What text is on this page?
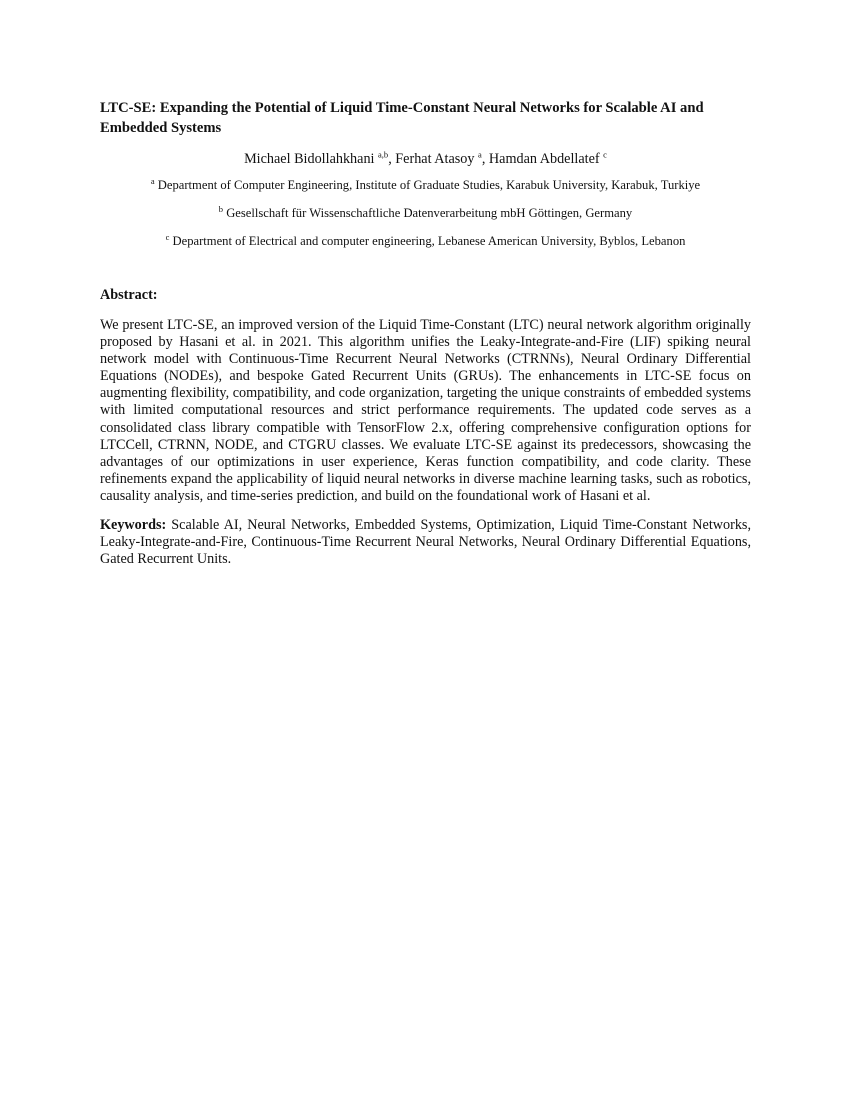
LTC-SE: Expanding the Potential of Liquid Time-Constant Neural Networks for Scalable AI and Embedded Systems
Michael Bidollahkhani $^{a,b}$, Ferhat Atasoy $^a$, Hamdan Abdellatef $^c$
$^a$ Department of Computer Engineering, Institute of Graduate Studies, Karabuk University, Karabuk, Turkiye
$^b$ Gesellschaft für Wissenschaftliche Datenverarbeitung mbH Göttingen, Germany
$^c$ Department of Electrical and computer engineering, Lebanese American University, Byblos, Lebanon
Abstract:

We present LTC-SE, an improved version of the Liquid Time-Constant (LTC) neural network algorithm originally proposed by Hasani et al. in 2021. This algorithm unifies the Leaky-Integrate-and-Fire (LIF) spiking neural network model with Continuous-Time Recurrent Neural Networks (CTRNNs), Neural Ordinary Differential Equations (NODEs), and bespoke Gated Recurrent Units (GRUs). The enhancements in LTC-SE focus on augmenting flexibility, compatibility, and code organization, targeting the unique constraints of embedded systems with limited computational resources and strict performance requirements. The updated code serves as a consolidated class library compatible with TensorFlow 2.x, offering comprehensive configuration options for LTCCell, CTRNN, NODE, and CTGRU classes. We evaluate LTC-SE against its predecessors, showcasing the advantages of our optimizations in user experience, Keras function compatibility, and code clarity. These refinements expand the applicability of liquid neural networks in diverse machine learning tasks, such as robotics, causality analysis, and time-series prediction, and build on the foundational work of Hasani et al.

Keywords: Scalable AI, Neural Networks, Embedded Systems, Optimization, Liquid Time-Constant Networks, Leaky-Integrate-and-Fire, Continuous-Time Recurrent Neural Networks, Neural Ordinary Differential Equations, Gated Recurrent Units.
